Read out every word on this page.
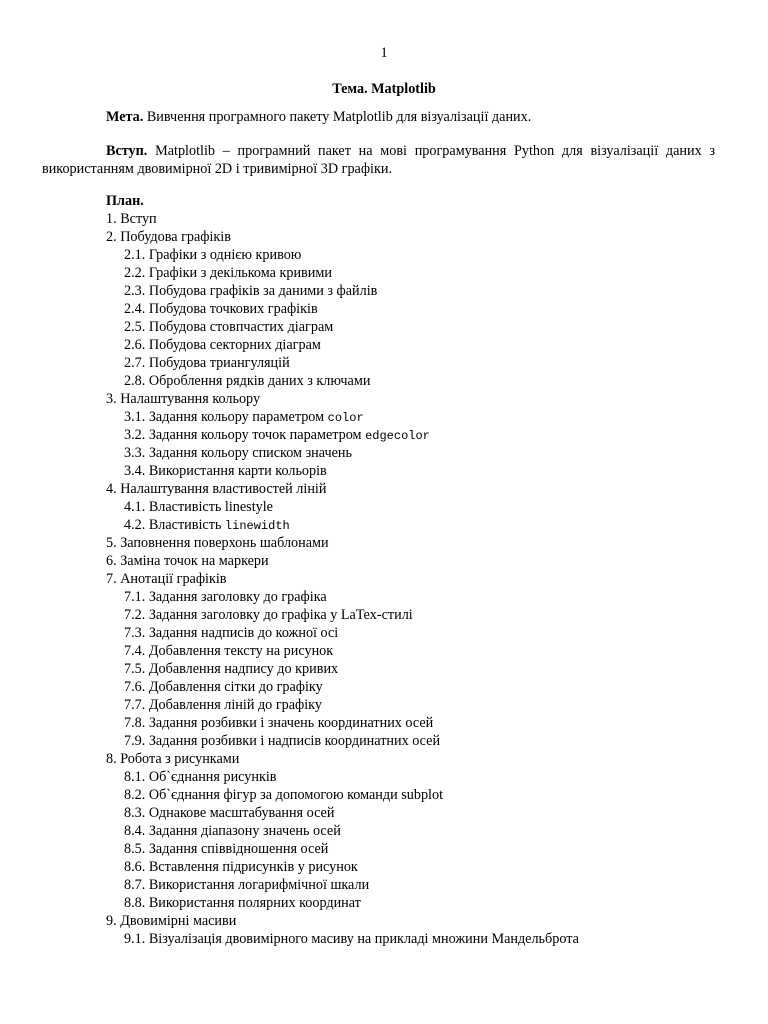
1
Тема. Matplotlib
Мета. Вивчення програмного пакету Matplotlib для візуалізації даних.
Вступ. Matplotlib – програмний пакет на мові програмування Python для візуалізації даних з використанням двовимірної 2D і тривимірної 3D графіки.
План.
1. Вступ
2. Побудова графіків
2.1. Графіки з однією кривою
2.2. Графіки з декількома кривими
2.3. Побудова графіків за даними з файлів
2.4. Побудова точкових графіків
2.5. Побудова стовпчастих діаграм
2.6. Побудова секторних діаграм
2.7. Побудова триангуляцій
2.8. Оброблення рядків даних з ключами
3. Налаштування кольору
3.1. Задання кольору параметром color
3.2. Задання кольору точок параметром edgecolor
3.3. Задання кольору списком значень
3.4. Використання карти кольорів
4. Налаштування властивостей ліній
4.1. Властивість linestyle
4.2. Властивість linewidth
5. Заповнення поверхонь шаблонами
6. Заміна точок на маркери
7. Анотації графіків
7.1. Задання заголовку до графіка
7.2. Задання заголовку до графіка у LaTex-стилі
7.3. Задання надписів до кожної осі
7.4. Добавлення тексту на рисунок
7.5. Добавлення надпису до кривих
7.6. Добавлення сітки до графіку
7.7. Добавлення ліній до графіку
7.8. Задання розбивки і значень координатних осей
7.9. Задання розбивки і надписів координатних осей
8. Робота з рисунками
8.1. Об`єднання рисунків
8.2. Об`єднання фігур за допомогою команди subplot
8.3. Однакове масштабування осей
8.4. Задання діапазону значень осей
8.5. Задання співвідношення осей
8.6. Вставлення підрисунків у рисунок
8.7. Використання логарифмічної шкали
8.8. Використання полярних координат
9. Двовимірні масиви
9.1. Візуалізація двовимірного масиву на прикладі множини Мандельброта
